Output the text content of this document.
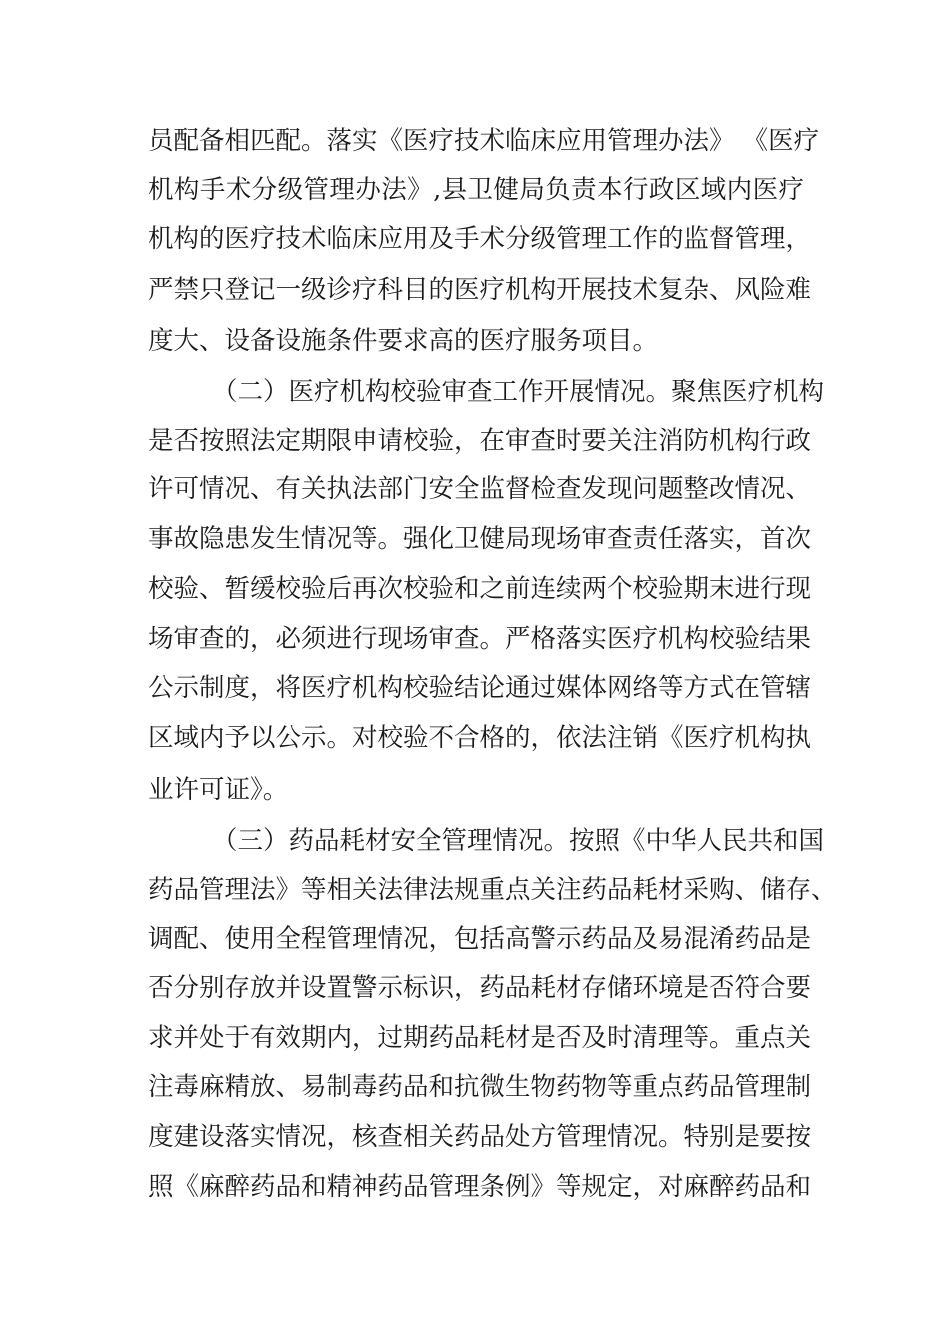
员配备相匹配。落实《医疗技术临床应用管理办法》 《医疗
机构手术分级管理办法》,县卫健局负责本行政区域内医疗
机构的医疗技术临床应用及手术分级管理工作的监督管理，
严禁只登记一级诊疗科目的医疗机构开展技术复杂、风险难
度大、设备设施条件要求高的医疗服务项目。
（二）医疗机构校验审查工作开展情况。聚焦医疗机构
是否按照法定期限申请校验，在审查时要关注消防机构行政
许可情况、有关执法部门安全监督检查发现问题整改情况、
事故隐患发生情况等。强化卫健局现场审查责任落实，首次
校验、暂缓校验后再次校验和之前连续两个校验期末进行现
场审查的，必须进行现场审查。严格落实医疗机构校验结果
公示制度，将医疗机构校验结论通过媒体网络等方式在管辖
区域内予以公示。对校验不合格的，依法注销《医疗机构执
业许可证》。
（三）药品耗材安全管理情况。按照《中华人民共和国
药品管理法》等相关法律法规重点关注药品耗材采购、储存、
调配、使用全程管理情况，包括高警示药品及易混淆药品是
否分别存放并设置警示标识，药品耗材存储环境是否符合要
求并处于有效期内，过期药品耗材是否及时清理等。重点关
注毒麻精放、易制毒药品和抗微生物药物等重点药品管理制
度建设落实情况，核查相关药品处方管理情况。特别是要按
照《麻醉药品和精神药品管理条例》等规定，对麻醉药品和
